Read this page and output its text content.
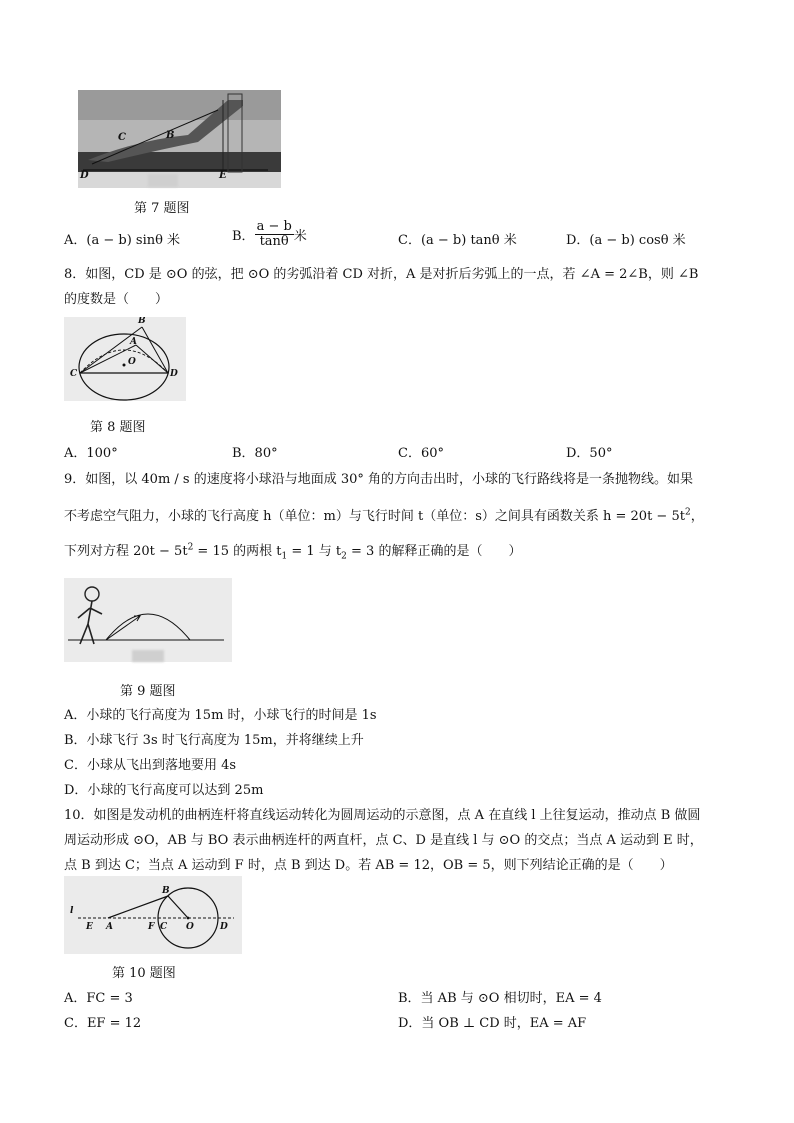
C	B
D	E
第 7 题图
A．(a − b) sinθ 米	B． $\frac{a - b}{\tan\theta}$ 米	C．(a − b) tanθ 米	D．(a − b) cosθ 米
8．如图，CD 是 ⊙O 的弦，把 ⊙O 的劣弧沿着 CD 对折，A 是对折后劣弧上的一点，若 ∠A = 2∠B，则 ∠B
的度数是（　　）
B
A
O
C	D
第 8 题图
A．100°	B．80°	C．60°	D．50°
9．如图，以 40m / s 的速度将小球沿与地面成 30° 角的方向击出时，小球的飞行路线将是一条抛物线。如果
不考虑空气阻力，小球的飞行高度 h（单位：m）与飞行时间 t（单位：s）之间具有函数关系 $h = 20t - 5t^2$，
下列对方程 $20t - 5t^2 = 15$ 的两根 $t_1 = 1$ 与 $t_2 = 3$ 的解释正确的是（　　）
第 9 题图
A．小球的飞行高度为 15m 时，小球飞行的时间是 1s
B．小球飞行 3s 时飞行高度为 15m，并将继续上升
C．小球从飞出到落地要用 4s
D．小球的飞行高度可以达到 25m
10．如图是发动机的曲柄连杆将直线运动转化为圆周运动的示意图，点 A 在直线 l 上往复运动，推动点 B 做圆
周运动形成 ⊙O，AB 与 BO 表示曲柄连杆的两直杆，点 C、D 是直线 l 与 ⊙O 的交点；当点 A 运动到 E 时，
点 B 到达 C；当点 A 运动到 F 时，点 B 到达 D。若 AB = 12，OB = 5，则下列结论正确的是（　　）
l
E A	F C
B
O	D
第 10 题图
A．FC = 3	B．当 AB 与 ⊙O 相切时，EA = 4
C．EF = 12	D．当 OB ⊥ CD 时，EA = AF
